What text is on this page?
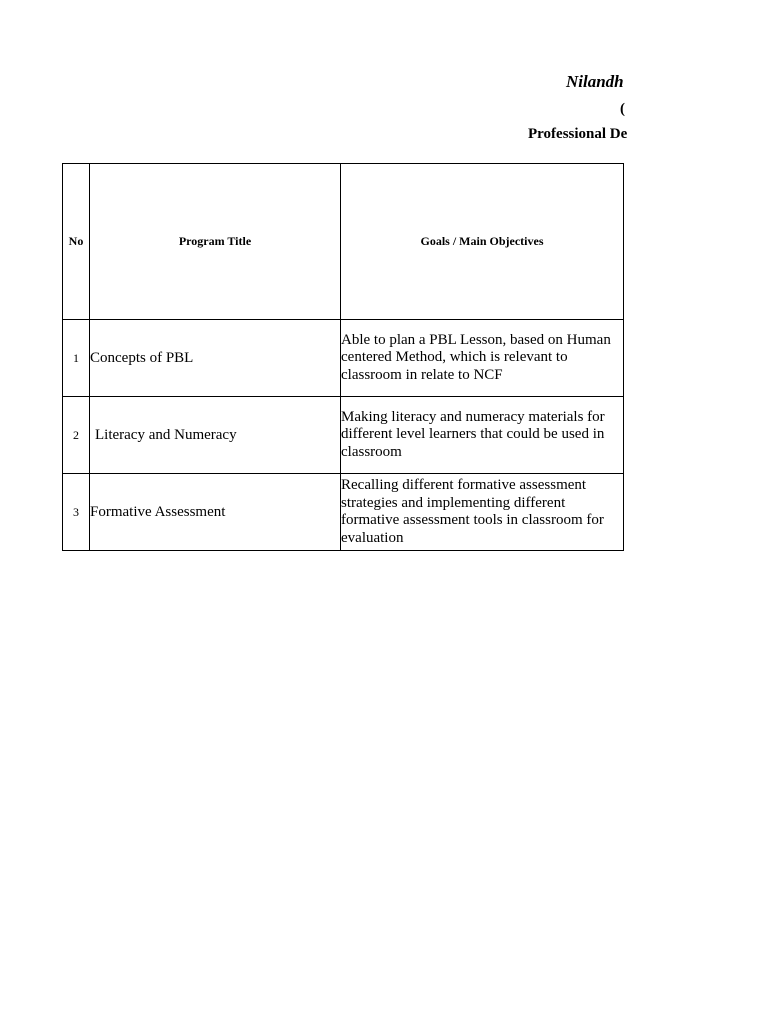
Nilandh
(
Professional De
No	Program Title	Goals / Main Objectives
1	Concepts of PBL	Able to plan a PBL Lesson, based on Human centered Method, which is relevant to classroom in relate to NCF
2	Literacy and Numeracy	Making literacy and numeracy materials for different level learners that could be used in classroom
3	Formative Assessment	Recalling different formative assessment strategies and implementing different formative assessment tools in classroom for evaluation
